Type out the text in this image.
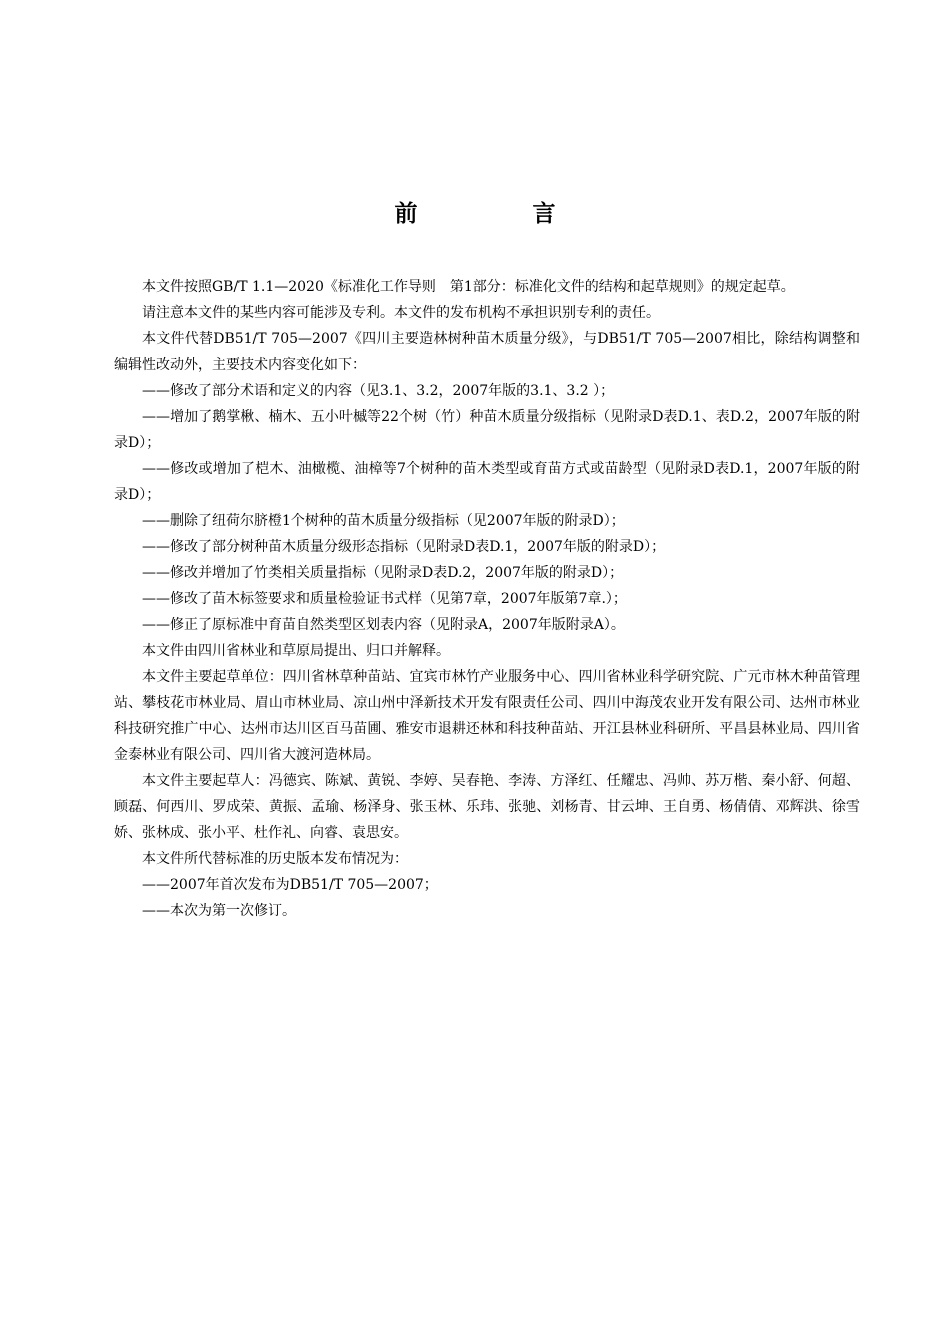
前　言

本文件按照GB/T 1.1—2020《标准化工作导则　第1部分：标准化文件的结构和起草规则》的规定起草。

请注意本文件的某些内容可能涉及专利。本文件的发布机构不承担识别专利的责任。

本文件代替DB51/T 705—2007《四川主要造林树种苗木质量分级》，与DB51/T 705—2007相比，除结构调整和编辑性改动外，主要技术内容变化如下：

——修改了部分术语和定义的内容（见3.1、3.2，2007年版的3.1、3.2 ）；

——增加了鹅掌楸、楠木、五小叶槭等22个树（竹）种苗木质量分级指标（见附录D表D.1、表D.2，2007年版的附录D）；

——修改或增加了桤木、油橄榄、油樟等7个树种的苗木类型或育苗方式或苗龄型（见附录D表D.1，2007年版的附录D）；

——删除了纽荷尔脐橙1个树种的苗木质量分级指标（见2007年版的附录D）；

——修改了部分树种苗木质量分级形态指标（见附录D表D.1，2007年版的附录D）；

——修改并增加了竹类相关质量指标（见附录D表D.2，2007年版的附录D）；

——修改了苗木标签要求和质量检验证书式样（见第7章，2007年版第7章.）；

——修正了原标准中育苗自然类型区划表内容（见附录A，2007年版附录A）。

本文件由四川省林业和草原局提出、归口并解释。

本文件主要起草单位：四川省林草种苗站、宜宾市林竹产业服务中心、四川省林业科学研究院、广元市林木种苗管理站、攀枝花市林业局、眉山市林业局、凉山州中泽新技术开发有限责任公司、四川中海茂农业开发有限公司、达州市林业科技研究推广中心、达州市达川区百马苗圃、雅安市退耕还林和科技种苗站、开江县林业科研所、平昌县林业局、四川省金泰林业有限公司、四川省大渡河造林局。

本文件主要起草人：冯德宾、陈斌、黄锐、李婷、吴春艳、李涛、方泽红、任耀忠、冯帅、苏万楷、秦小舒、何超、顾磊、何西川、罗成荣、黄振、孟瑜、杨泽身、张玉林、乐玮、张驰、刘杨青、甘云坤、王自勇、杨倩倩、邓辉洪、徐雪娇、张林成、张小平、杜作礼、向睿、袁思安。

本文件所代替标准的历史版本发布情况为：

——2007年首次发布为DB51/T 705—2007；

——本次为第一次修订。
